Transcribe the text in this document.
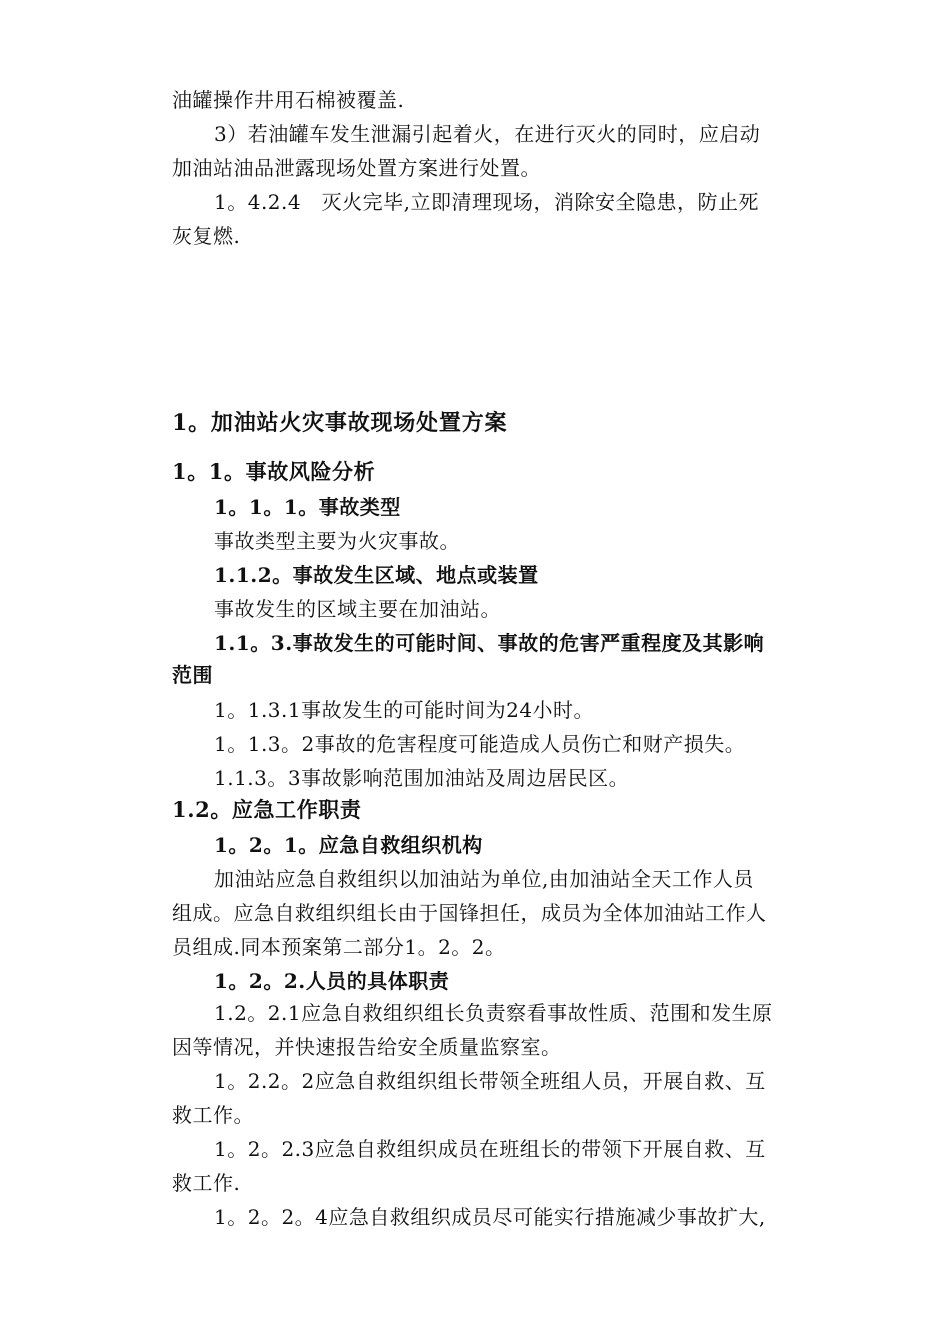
油罐操作井用石棉被覆盖.
3）若油罐车发生泄漏引起着火，在进行灭火的同时，应启动
加油站油品泄露现场处置方案进行处置。
1。4.2.4　灭火完毕,立即清理现场，消除安全隐患，防止死
灰复燃.
1。加油站火灾事故现场处置方案
1。1。事故风险分析
1。1。1。事故类型
事故类型主要为火灾事故。
1.1.2。事故发生区域、地点或装置
事故发生的区域主要在加油站。
1.1。3.事故发生的可能时间、事故的危害严重程度及其影响
范围
1。1.3.1事故发生的可能时间为24小时。
1。1.3。2事故的危害程度可能造成人员伤亡和财产损失。
1.1.3。3事故影响范围加油站及周边居民区。
1.2。应急工作职责
1。2。1。应急自救组织机构
加油站应急自救组织以加油站为单位,由加油站全天工作人员
组成。应急自救组织组长由于国锋担任，成员为全体加油站工作人
员组成.同本预案第二部分1。2。2。
1。2。2.人员的具体职责
1.2。2.1应急自救组织组长负责察看事故性质、范围和发生原
因等情况，并快速报告给安全质量监察室。
1。2.2。2应急自救组织组长带领全班组人员，开展自救、互
救工作。
1。2。2.3应急自救组织成员在班组长的带领下开展自救、互
救工作.
1。2。2。4应急自救组织成员尽可能实行措施减少事故扩大,
